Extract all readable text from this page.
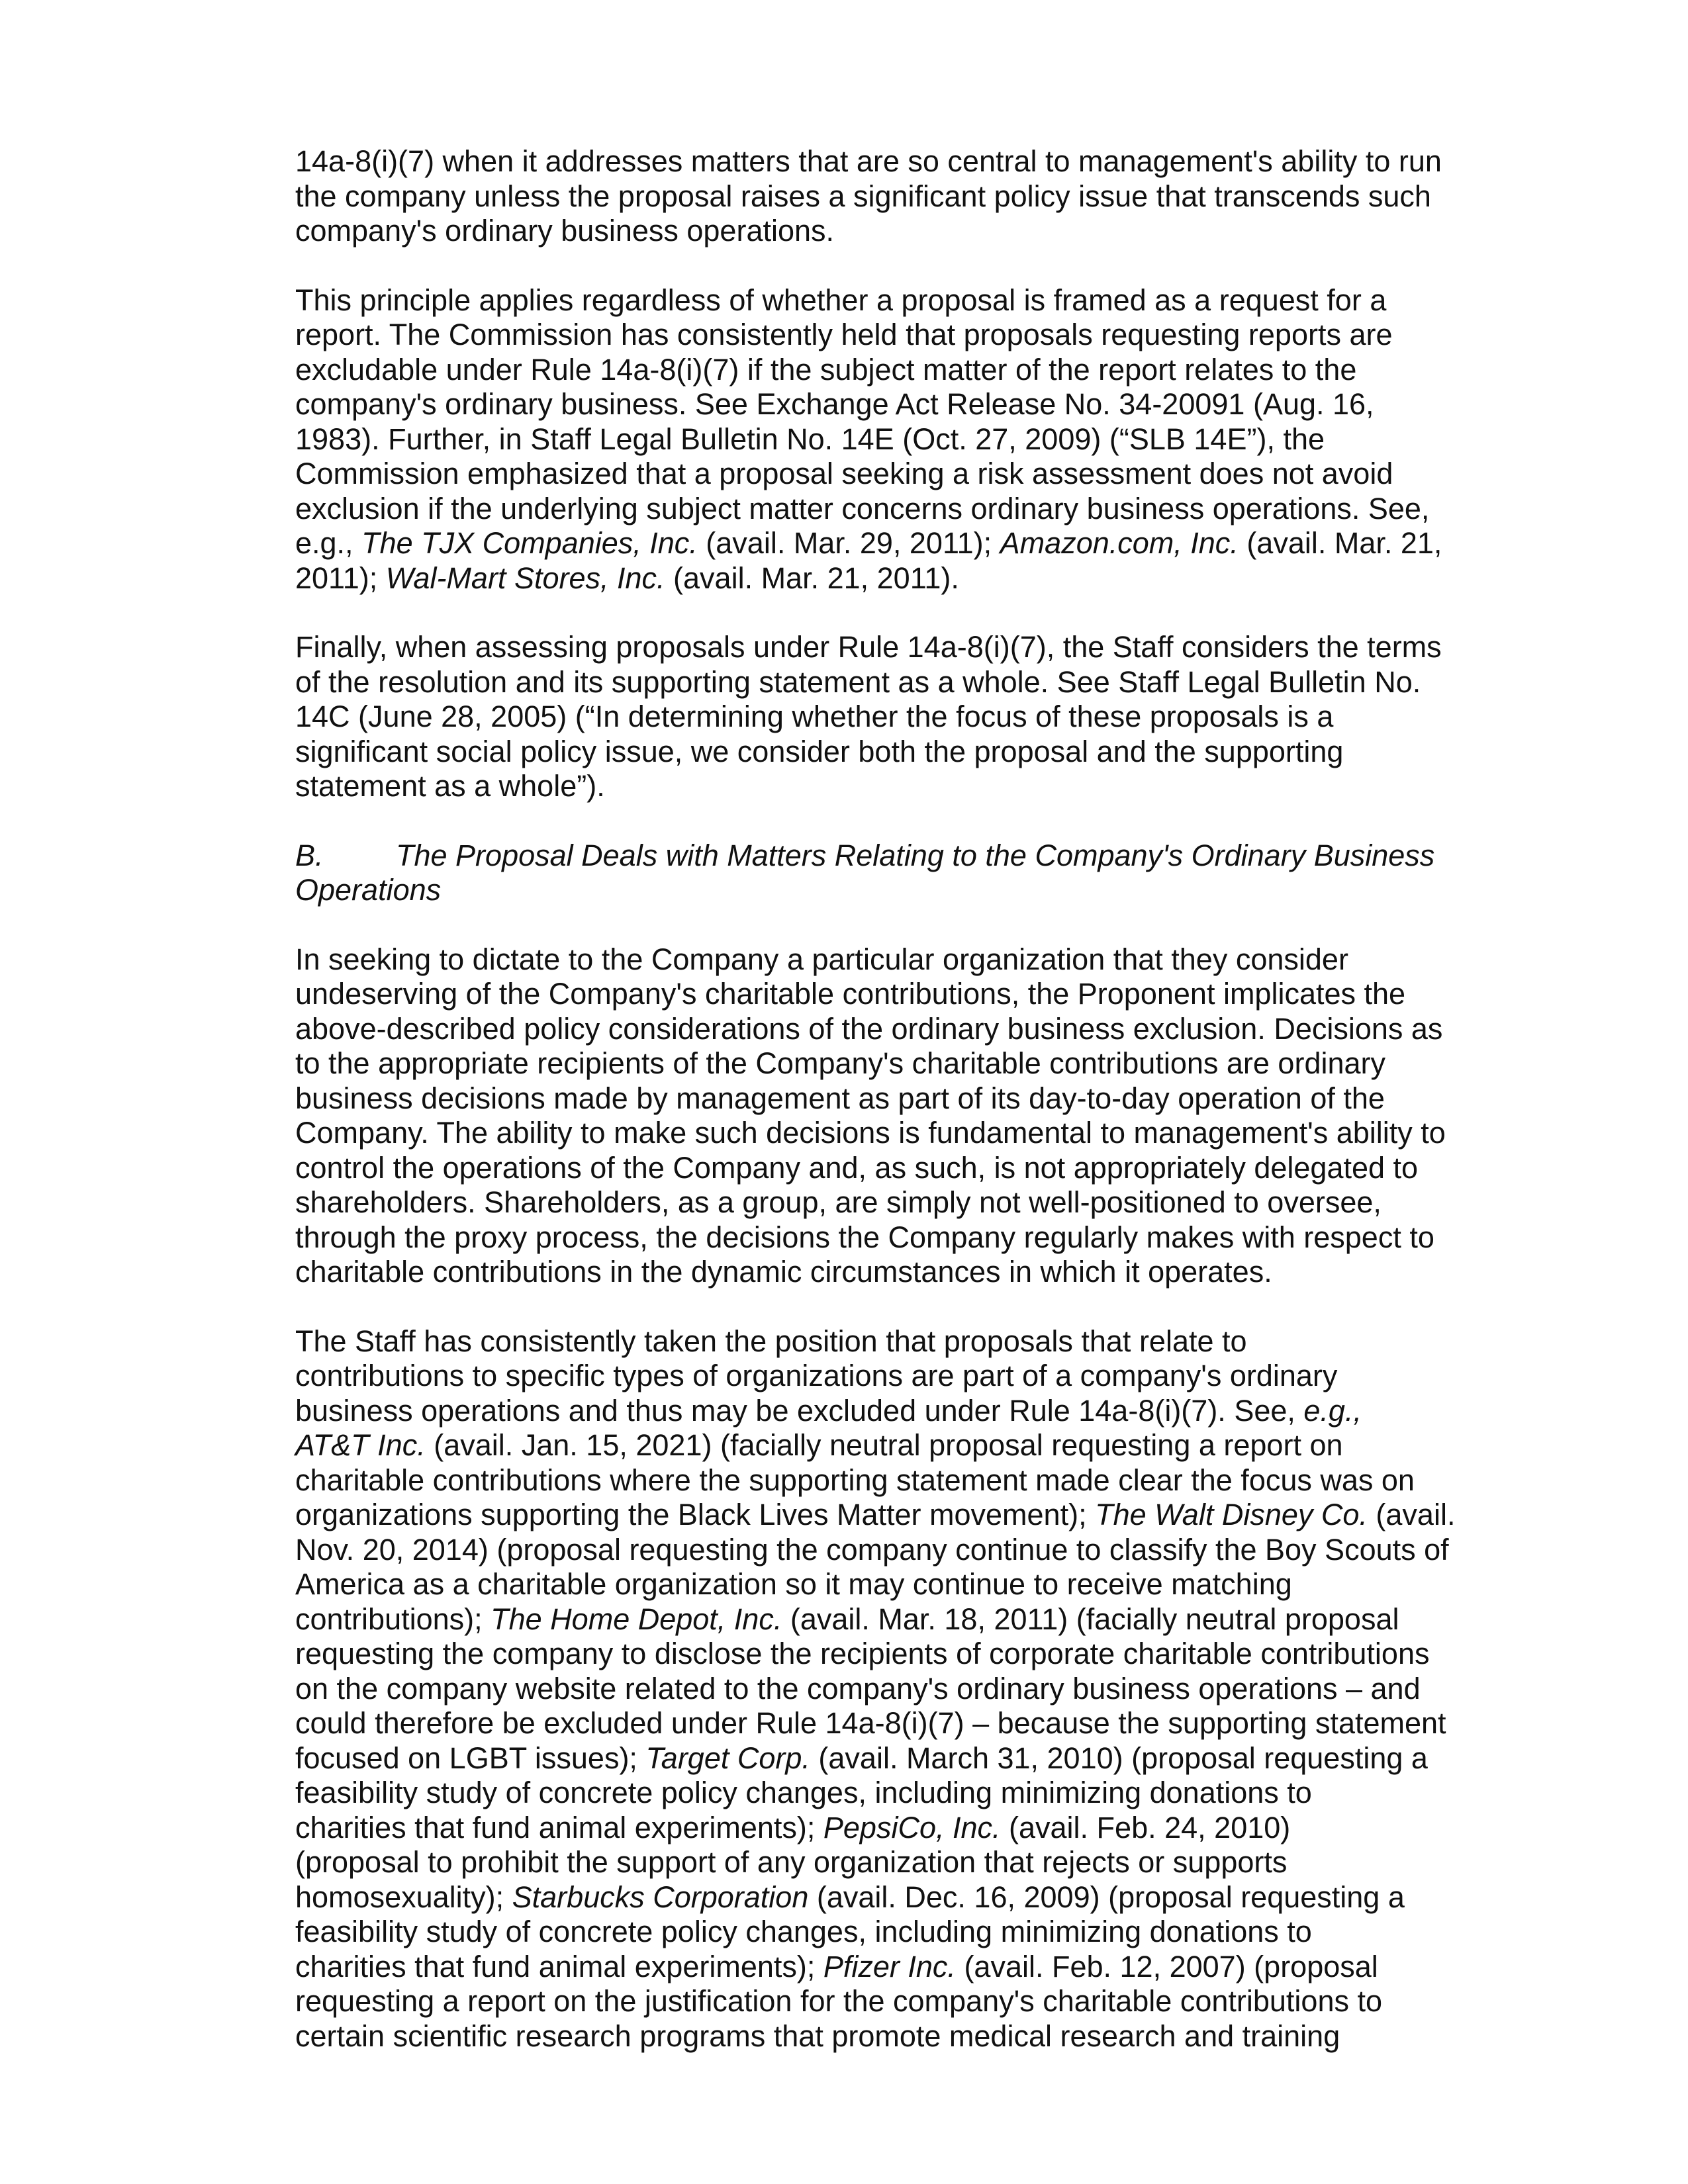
14a-8(i)(7) when it addresses matters that are so central to management's ability to run
the company unless the proposal raises a significant policy issue that transcends such
company's ordinary business operations.

This principle applies regardless of whether a proposal is framed as a request for a
report. The Commission has consistently held that proposals requesting reports are
excludable under Rule 14a-8(i)(7) if the subject matter of the report relates to the
company's ordinary business. See Exchange Act Release No. 34-20091 (Aug. 16,
1983). Further, in Staff Legal Bulletin No. 14E (Oct. 27, 2009) (“SLB 14E”), the
Commission emphasized that a proposal seeking a risk assessment does not avoid
exclusion if the underlying subject matter concerns ordinary business operations. See,
e.g., The TJX Companies, Inc. (avail. Mar. 29, 2011); Amazon.com, Inc. (avail. Mar. 21,
2011); Wal-Mart Stores, Inc. (avail. Mar. 21, 2011).

Finally, when assessing proposals under Rule 14a-8(i)(7), the Staff considers the terms
of the resolution and its supporting statement as a whole. See Staff Legal Bulletin No.
14C (June 28, 2005) (“In determining whether the focus of these proposals is a
significant social policy issue, we consider both the proposal and the supporting
statement as a whole”).

B. The Proposal Deals with Matters Relating to the Company's Ordinary Business
Operations

In seeking to dictate to the Company a particular organization that they consider
undeserving of the Company's charitable contributions, the Proponent implicates the
above-described policy considerations of the ordinary business exclusion. Decisions as
to the appropriate recipients of the Company's charitable contributions are ordinary
business decisions made by management as part of its day-to-day operation of the
Company. The ability to make such decisions is fundamental to management's ability to
control the operations of the Company and, as such, is not appropriately delegated to
shareholders. Shareholders, as a group, are simply not well-positioned to oversee,
through the proxy process, the decisions the Company regularly makes with respect to
charitable contributions in the dynamic circumstances in which it operates.

The Staff has consistently taken the position that proposals that relate to
contributions to specific types of organizations are part of a company's ordinary
business operations and thus may be excluded under Rule 14a-8(i)(7). See, e.g.,
AT&T Inc. (avail. Jan. 15, 2021) (facially neutral proposal requesting a report on
charitable contributions where the supporting statement made clear the focus was on
organizations supporting the Black Lives Matter movement); The Walt Disney Co. (avail.
Nov. 20, 2014) (proposal requesting the company continue to classify the Boy Scouts of
America as a charitable organization so it may continue to receive matching
contributions); The Home Depot, Inc. (avail. Mar. 18, 2011) (facially neutral proposal
requesting the company to disclose the recipients of corporate charitable contributions
on the company website related to the company's ordinary business operations – and
could therefore be excluded under Rule 14a-8(i)(7) – because the supporting statement
focused on LGBT issues); Target Corp. (avail. March 31, 2010) (proposal requesting a
feasibility study of concrete policy changes, including minimizing donations to
charities that fund animal experiments); PepsiCo, Inc. (avail. Feb. 24, 2010)
(proposal to prohibit the support of any organization that rejects or supports
homosexuality); Starbucks Corporation (avail. Dec. 16, 2009) (proposal requesting a
feasibility study of concrete policy changes, including minimizing donations to
charities that fund animal experiments); Pfizer Inc. (avail. Feb. 12, 2007) (proposal
requesting a report on the justification for the company's charitable contributions to
certain scientific research programs that promote medical research and training
